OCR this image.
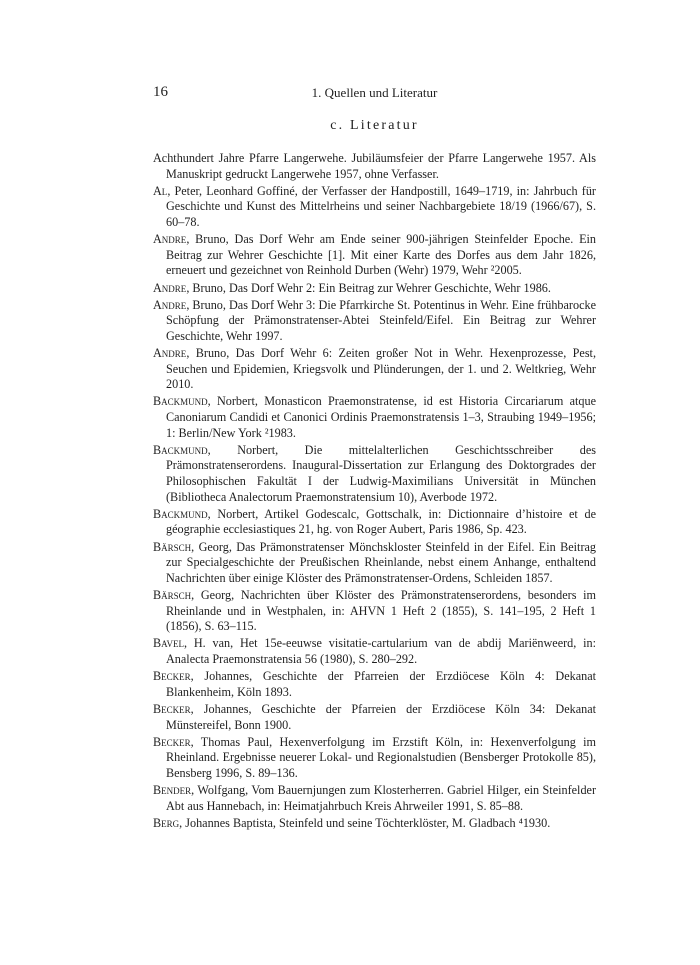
16	1. Quellen und Literatur
c. Literatur

Achthundert Jahre Pfarre Langerwehe. Jubiläumsfeier der Pfarre Langerwehe 1957. Als Manuskript gedruckt Langerwehe 1957, ohne Verfasser.

Al, Peter, Leonhard Goffiné, der Verfasser der Handpostill, 1649–1719, in: Jahrbuch für Geschichte und Kunst des Mittelrheins und seiner Nachbargebiete 18/19 (1966/67), S. 60–78.

Andre, Bruno, Das Dorf Wehr am Ende seiner 900-jährigen Steinfelder Epoche. Ein Beitrag zur Wehrer Geschichte [1]. Mit einer Karte des Dorfes aus dem Jahr 1826, erneuert und gezeichnet von Reinhold Durben (Wehr) 1979, Wehr ²2005.

Andre, Bruno, Das Dorf Wehr 2: Ein Beitrag zur Wehrer Geschichte, Wehr 1986.

Andre, Bruno, Das Dorf Wehr 3: Die Pfarrkirche St. Potentinus in Wehr. Eine frühbarocke Schöpfung der Prämonstratenser-Abtei Steinfeld/Eifel. Ein Beitrag zur Wehrer Geschichte, Wehr 1997.

Andre, Bruno, Das Dorf Wehr 6: Zeiten großer Not in Wehr. Hexenprozesse, Pest, Seuchen und Epidemien, Kriegsvolk und Plünderungen, der 1. und 2. Weltkrieg, Wehr 2010.

Backmund, Norbert, Monasticon Praemonstratense, id est Historia Circariarum atque Canoniarum Candidi et Canonici Ordinis Praemonstratensis 1–3, Straubing 1949–1956; 1: Berlin/New York ²1983.

Backmund, Norbert, Die mittelalterlichen Geschichtsschreiber des Prämonstratenserordens. Inaugural-Dissertation zur Erlangung des Doktorgrades der Philosophischen Fakultät I der Ludwig-Maximilians Universität in München (Bibliotheca Analectorum Praemonstratensium 10), Averbode 1972.

Backmund, Norbert, Artikel Godescalc, Gottschalk, in: Dictionnaire d’histoire et de géographie ecclesiastiques 21, hg. von Roger Aubert, Paris 1986, Sp. 423.

Bärsch, Georg, Das Prämonstratenser Mönchskloster Steinfeld in der Eifel. Ein Beitrag zur Specialgeschichte der Preußischen Rheinlande, nebst einem Anhange, enthaltend Nachrichten über einige Klöster des Prämonstratenser-Ordens, Schleiden 1857.

Bärsch, Georg, Nachrichten über Klöster des Prämonstratenserordens, besonders im Rheinlande und in Westphalen, in: AHVN 1 Heft 2 (1855), S. 141–195, 2 Heft 1 (1856), S. 63–115.

Bavel, H. van, Het 15e-eeuwse visitatie-cartularium van de abdij Mariënweerd, in: Analecta Praemonstratensia 56 (1980), S. 280–292.

Becker, Johannes, Geschichte der Pfarreien der Erzdiöcese Köln 4: Dekanat Blankenheim, Köln 1893.

Becker, Johannes, Geschichte der Pfarreien der Erzdiöcese Köln 34: Dekanat Münstereifel, Bonn 1900.

Becker, Thomas Paul, Hexenverfolgung im Erzstift Köln, in: Hexenverfolgung im Rheinland. Ergebnisse neuerer Lokal- und Regionalstudien (Bensberger Protokolle 85), Bensberg 1996, S. 89–136.

Bender, Wolfgang, Vom Bauernjungen zum Klosterherren. Gabriel Hilger, ein Steinfelder Abt aus Hannebach, in: Heimatjahrbuch Kreis Ahrweiler 1991, S. 85–88.

Berg, Johannes Baptista, Steinfeld und seine Töchterklöster, M. Gladbach ⁴1930.
